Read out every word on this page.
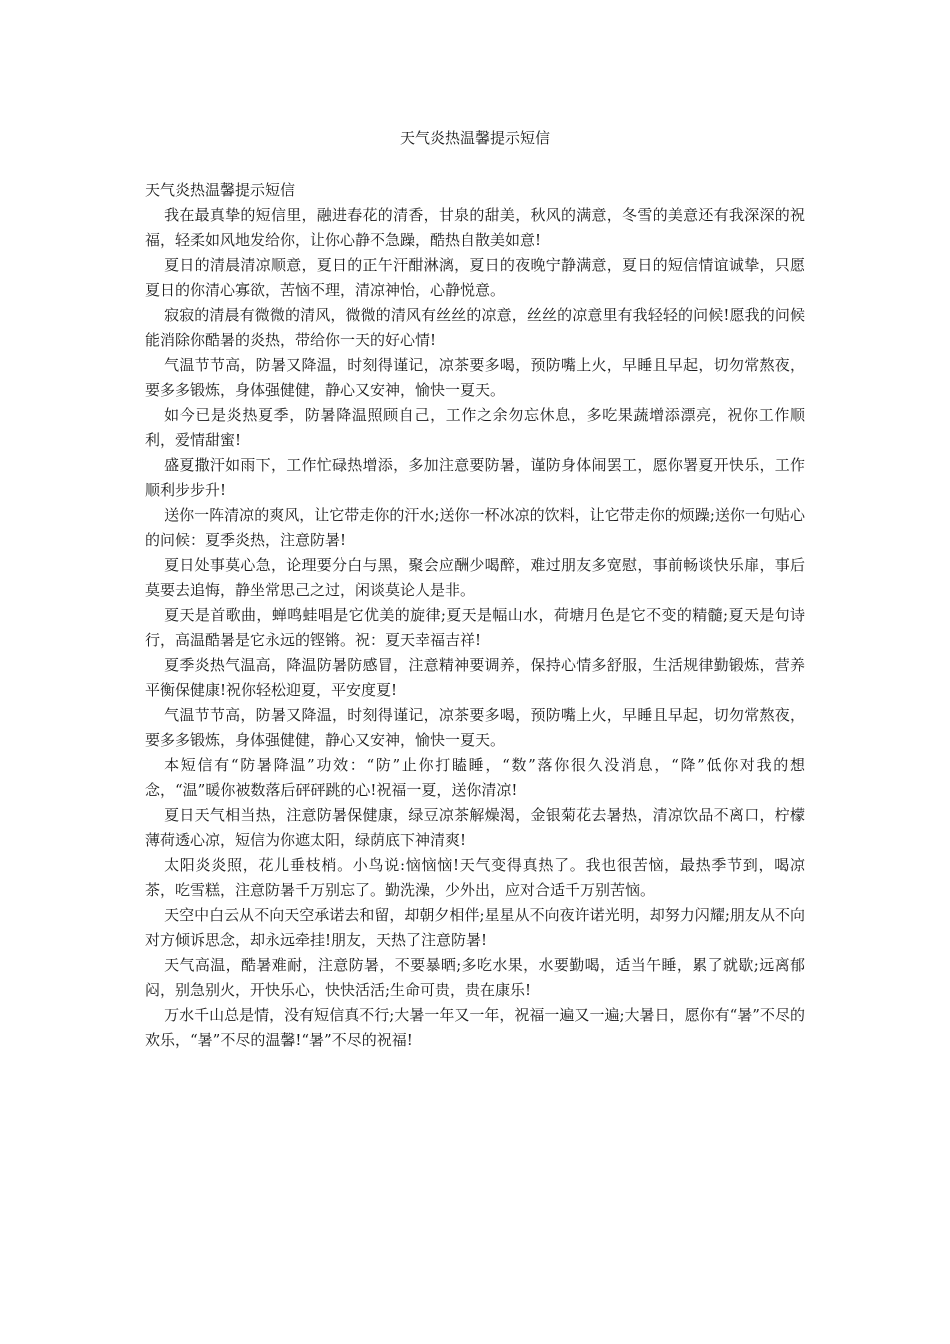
天气炎热温馨提示短信

天气炎热温馨提示短信

我在最真挚的短信里，融进春花的清香，甘泉的甜美，秋风的满意，冬雪的美意还有我深深的祝福，轻柔如风地发给你，让你心静不急躁，酷热自散美如意!

夏日的清晨清凉顺意，夏日的正午汗酣淋漓，夏日的夜晚宁静满意，夏日的短信情谊诚挚，只愿夏日的你清心寡欲，苦恼不理，清凉神怡，心静悦意。

寂寂的清晨有微微的清风，微微的清风有丝丝的凉意，丝丝的凉意里有我轻轻的问候!愿我的问候能消除你酷暑的炎热，带给你一天的好心情!

气温节节高，防暑又降温，时刻得谨记，凉茶要多喝，预防嘴上火，早睡且早起，切勿常熬夜，要多多锻炼，身体强健健，静心又安神，愉快一夏天。

如今已是炎热夏季，防暑降温照顾自己，工作之余勿忘休息，多吃果蔬增添漂亮，祝你工作顺利，爱情甜蜜!

盛夏撒汗如雨下，工作忙碌热增添，多加注意要防暑，谨防身体闹罢工，愿你署夏开快乐，工作顺利步步升!

送你一阵清凉的爽风，让它带走你的汗水;送你一杯冰凉的饮料，让它带走你的烦躁;送你一句贴心的问候：夏季炎热，注意防暑!

夏日处事莫心急，论理要分白与黑，聚会应酬少喝醉，难过朋友多宽慰，事前畅谈快乐扉，事后莫要去追悔，静坐常思己之过，闲谈莫论人是非。

夏天是首歌曲，蝉鸣蛙唱是它优美的旋律;夏天是幅山水，荷塘月色是它不变的精髓;夏天是句诗行，高温酷暑是它永远的铿锵。祝：夏天幸福吉祥!

夏季炎热气温高，降温防暑防感冒，注意精神要调养，保持心情多舒服，生活规律勤锻炼，营养平衡保健康!祝你轻松迎夏，平安度夏!

气温节节高，防暑又降温，时刻得谨记，凉茶要多喝，预防嘴上火，早睡且早起，切勿常熬夜，要多多锻炼，身体强健健，静心又安神，愉快一夏天。

本短信有“防暑降温”功效：“防”止你打瞌睡，“数”落你很久没消息，“降”低你对我的想念，“温”暖你被数落后砰砰跳的心!祝福一夏，送你清凉!

夏日天气相当热，注意防暑保健康，绿豆凉茶解燥渴，金银菊花去暑热，清凉饮品不离口，柠檬薄荷透心凉，短信为你遮太阳，绿荫底下神清爽!

太阳炎炎照，花儿垂枝梢。小鸟说:恼恼恼!天气变得真热了。我也很苦恼，最热季节到，喝凉茶，吃雪糕，注意防暑千万别忘了。勤洗澡，少外出，应对合适千万别苦恼。

天空中白云从不向天空承诺去和留，却朝夕相伴;星星从不向夜许诺光明，却努力闪耀;朋友从不向对方倾诉思念，却永远牵挂!朋友，天热了注意防暑!

天气高温，酷暑难耐，注意防暑，不要暴晒;多吃水果，水要勤喝，适当午睡，累了就歇;远离郁闷，别急别火，开快乐心，快快活活;生命可贵，贵在康乐!

万水千山总是情，没有短信真不行;大暑一年又一年，祝福一遍又一遍;大暑日，愿你有“暑”不尽的欢乐，“暑”不尽的温馨!“暑”不尽的祝福!
